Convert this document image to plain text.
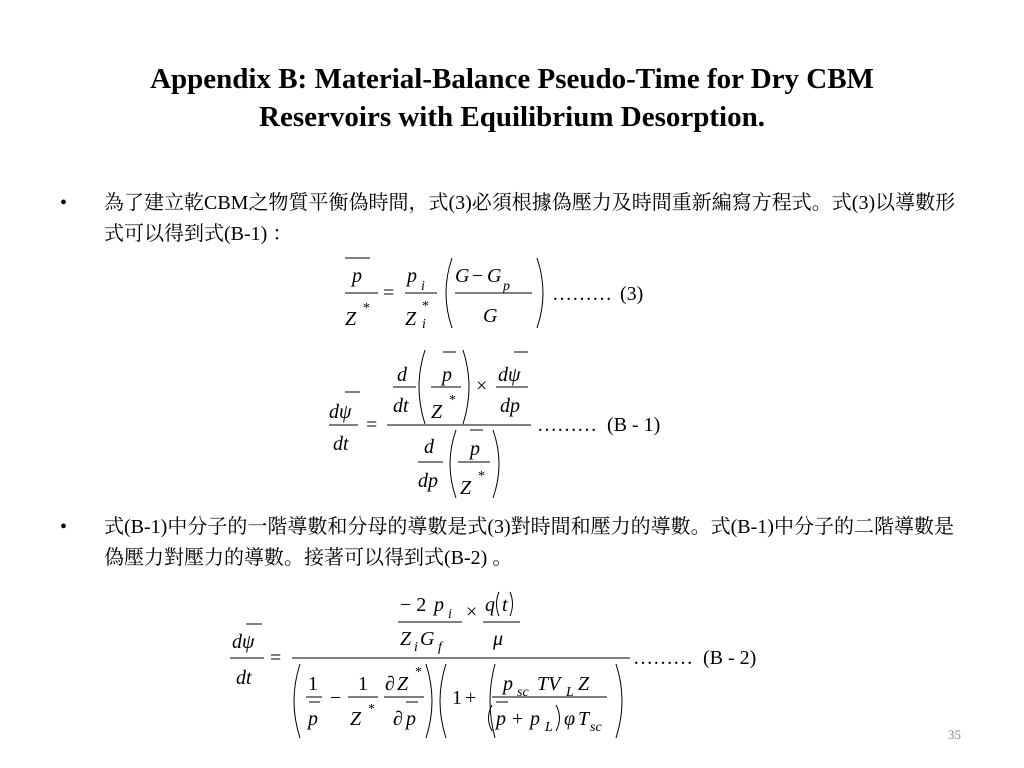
Appendix B: Material-Balance Pseudo-Time for Dry CBM
Reservoirs with Equilibrium Desorption.
• 為了建立乾CBM之物質平衡偽時間，式(3)必須根據偽壓力及時間重新編寫方程式。式(3)以導數形式可以得到式(B-1) ：
p
Z *
=
p i
Z
*
i
G − G p
G
……… (3)
dψ
dt
=
d
dt
p
Z
*
× dψ
dp
d
dp
p
Z
*
……… (B - 1)
• 式(B-1)中分子的一階導數和分母的導數是式(3)對時間和壓力的導數。式(B-1)中分子的二階導數是偽壓力對壓力的導數。接著可以得到式(B-2) 。
dψ
dt
=
− 2 p i
Z i G f
× q t
μ
1
p
−
1
Z *
∂ Z
*
∂ p
1 +
p sc TV L Z
p + p L φ T sc
……… (B - 2)
35
